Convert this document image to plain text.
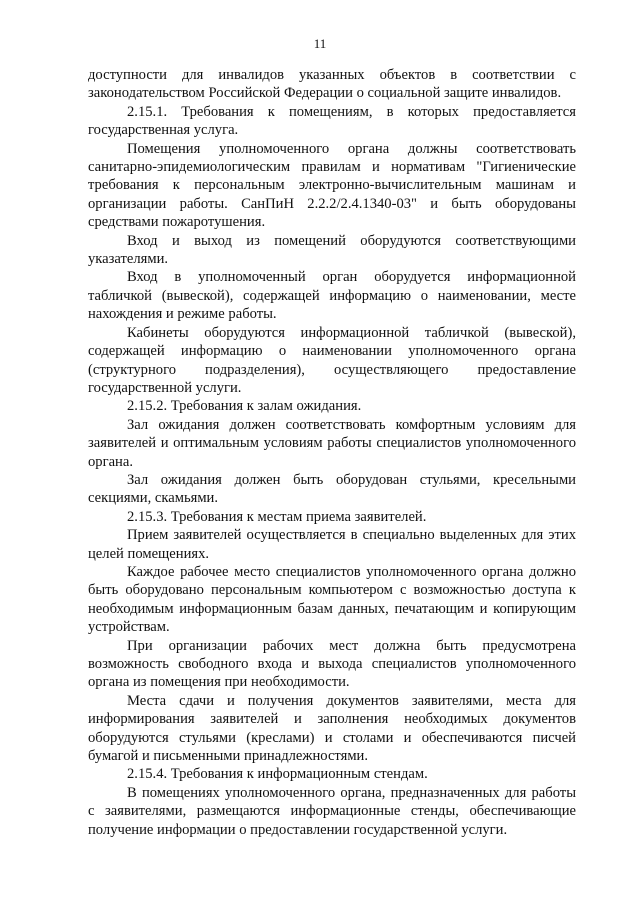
11

доступности для инвалидов указанных объектов в соответствии с законодательством Российской Федерации о социальной защите инвалидов.

2.15.1. Требования к помещениям, в которых предоставляется государственная услуга.

Помещения уполномоченного органа должны соответствовать санитарно-эпидемиологическим правилам и нормативам "Гигиенические требования к персональным электронно-вычислительным машинам и организации работы. СанПиН 2.2.2/2.4.1340-03" и быть оборудованы средствами пожаротушения.

Вход и выход из помещений оборудуются соответствующими указателями.

Вход в уполномоченный орган оборудуется информационной табличкой (вывеской), содержащей информацию о наименовании, месте нахождения и режиме работы.

Кабинеты оборудуются информационной табличкой (вывеской), содержащей информацию о наименовании уполномоченного органа (структурного подразделения), осуществляющего предоставление государственной услуги.

2.15.2. Требования к залам ожидания.

Зал ожидания должен соответствовать комфортным условиям для заявителей и оптимальным условиям работы специалистов уполномоченного органа.

Зал ожидания должен быть оборудован стульями, кресельными секциями, скамьями.

2.15.3. Требования к местам приема заявителей.

Прием заявителей осуществляется в специально выделенных для этих целей помещениях.

Каждое рабочее место специалистов уполномоченного органа должно быть оборудовано персональным компьютером с возможностью доступа к необходимым информационным базам данных, печатающим и копирующим устройствам.

При организации рабочих мест должна быть предусмотрена возможность свободного входа и выхода специалистов уполномоченного органа из помещения при необходимости.

Места сдачи и получения документов заявителями, места для информирования заявителей и заполнения необходимых документов оборудуются стульями (креслами) и столами и обеспечиваются писчей бумагой и письменными принадлежностями.

2.15.4. Требования к информационным стендам.

В помещениях уполномоченного органа, предназначенных для работы с заявителями, размещаются информационные стенды, обеспечивающие получение информации о предоставлении государственной услуги.
